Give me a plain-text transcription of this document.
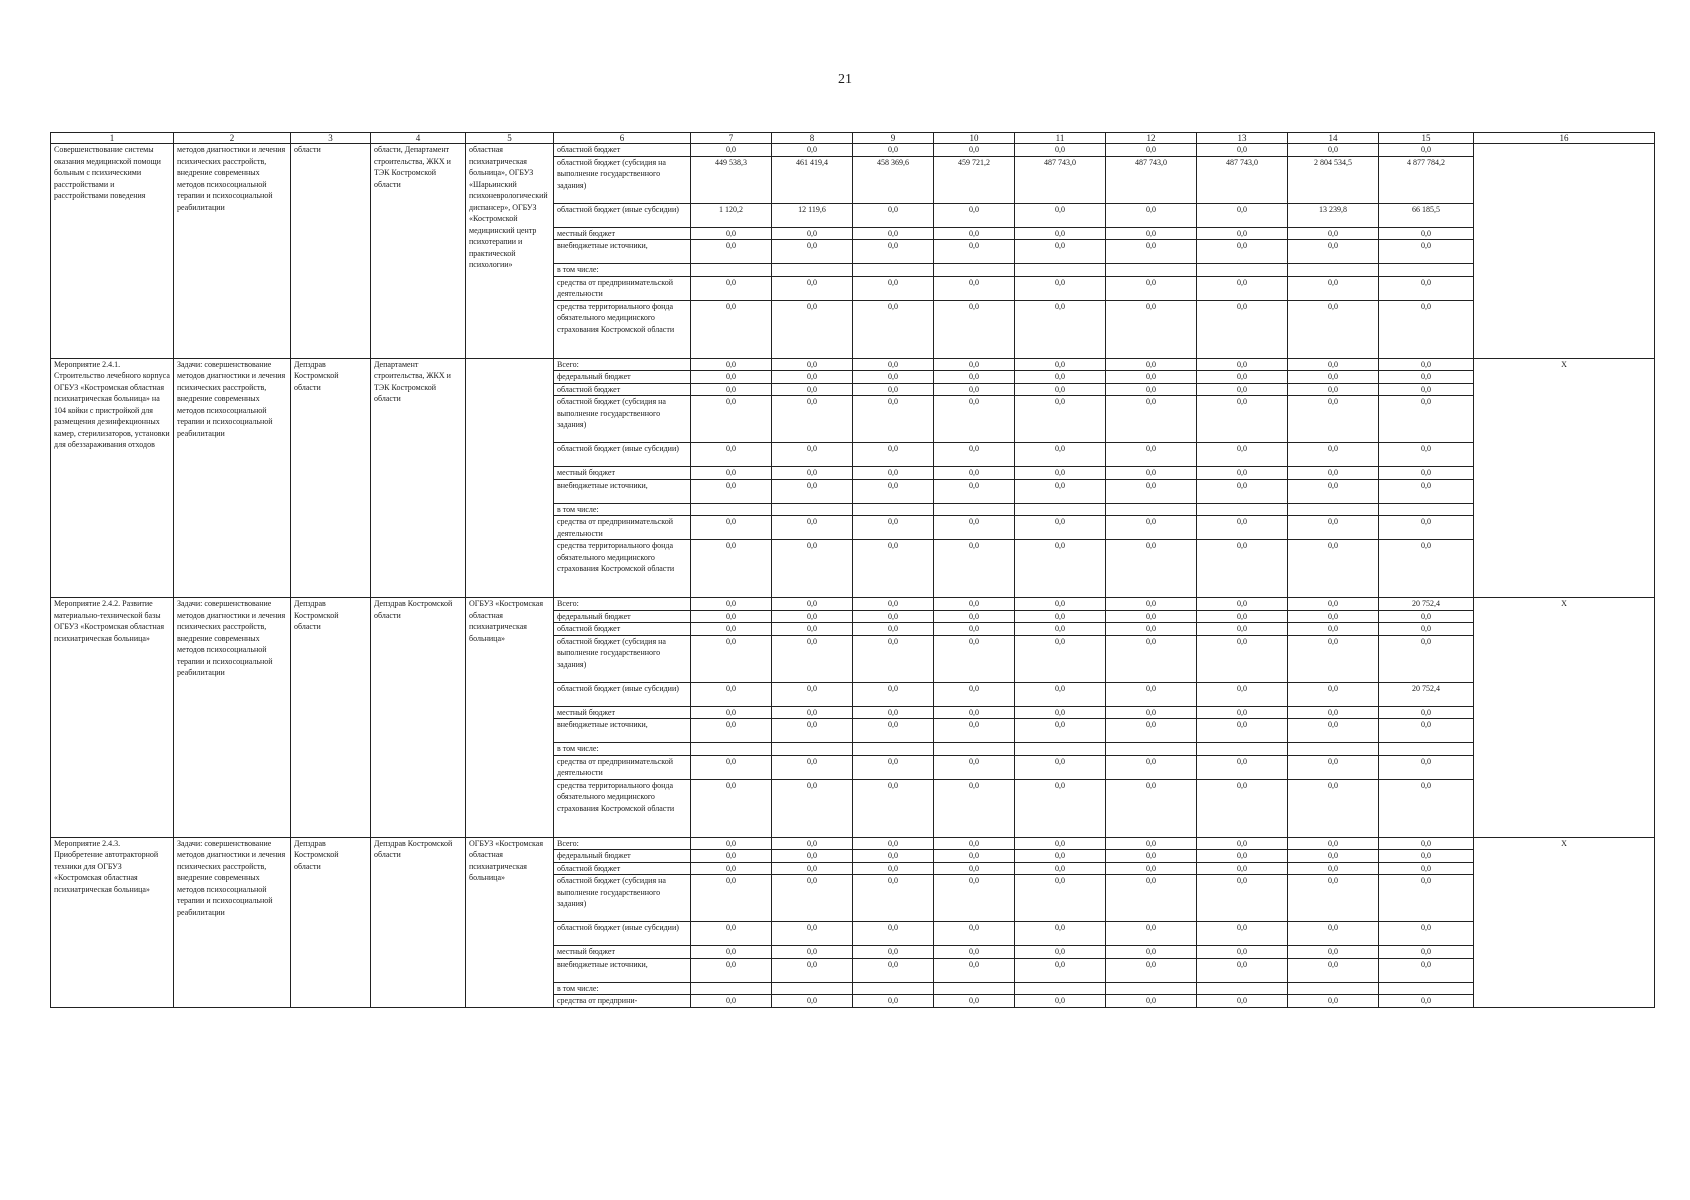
21
1	2	3	4	5	6	7	8	9	10	11	12	13	14	15	16
Совершенствование системы оказания медицинской помощи больным с психическими расстройствами и расстройствами поведения	методов диагностики и лечения психических расстройств, внедрение современных методов психосоциальной терапии и психосоциальной реабилитации	области	области, Департамент строительства, ЖКХ и ТЭК Костромской области	областная психиатрическая больница», ОГБУЗ «Шарьинский психоневрологический диспансер», ОГБУЗ «Костромской медицинский центр психотерапии и практической психологии»	областной бюджет	0,0	0,0	0,0	0,0	0,0	0,0	0,0	0,0	0,0	
					областной бюджет (субсидия на выполнение государственного задания)	449 538,3	461 419,4	458 369,6	459 721,2	487 743,0	487 743,0	487 743,0	2 804 534,5	4 877 784,2	
					областной бюджет (иные субсидии)	1 120,2	12 119,6	0,0	0,0	0,0	0,0	0,0	13 239,8	66 185,5	
					местный бюджет	0,0	0,0	0,0	0,0	0,0	0,0	0,0	0,0	0,0	
					внебюджетные источники,	0,0	0,0	0,0	0,0	0,0	0,0	0,0	0,0	0,0	
					в том числе:										
					средства от предпринимательской деятельности	0,0	0,0	0,0	0,0	0,0	0,0	0,0	0,0	0,0	
					средства территориального фонда обязательного медицинского страхования Костромской области	0,0	0,0	0,0	0,0	0,0	0,0	0,0	0,0	0,0	
Мероприятие 2.4.1. Строительство лечебного корпуса ОГБУЗ «Костромская областная психиатрическая больница» на 104 койки с пристройкой для размещения дезинфекционных камер, стерилизаторов, установки для обеззараживания отходов	Задачи: совершенствование методов диагностики и лечения психических расстройств, внедрение современных методов психосоциальной терапии и психосоциальной реабилитации	Депздрав Костромской области	Департамент строительства, ЖКХ и ТЭК Костромской области		Всего:	0,0	0,0	0,0	0,0	0,0	0,0	0,0	0,0	0,0	Х
					федеральный бюджет	0,0	0,0	0,0	0,0	0,0	0,0	0,0	0,0	0,0	
					областной бюджет	0,0	0,0	0,0	0,0	0,0	0,0	0,0	0,0	0,0	
					областной бюджет (субсидия на выполнение государственного задания)	0,0	0,0	0,0	0,0	0,0	0,0	0,0	0,0	0,0	
					областной бюджет (иные субсидии)	0,0	0,0	0,0	0,0	0,0	0,0	0,0	0,0	0,0	
					местный бюджет	0,0	0,0	0,0	0,0	0,0	0,0	0,0	0,0	0,0	
					внебюджетные источники,	0,0	0,0	0,0	0,0	0,0	0,0	0,0	0,0	0,0	
					в том числе:										
					средства от предпринимательской деятельности	0,0	0,0	0,0	0,0	0,0	0,0	0,0	0,0	0,0	
					средства территориального фонда обязательного медицинского страхования Костромской области	0,0	0,0	0,0	0,0	0,0	0,0	0,0	0,0	0,0	
Мероприятие 2.4.2. Развитие материально-технической базы ОГБУЗ «Костромская областная психиатрическая больница»	Задачи: совершенствование методов диагностики и лечения психических расстройств, внедрение современных методов психосоциальной терапии и психосоциальной реабилитации	Депздрав Костромской области	Депздрав Костромской области	ОГБУЗ «Костромская областная психиатрическая больница»	Всего:	0,0	0,0	0,0	0,0	0,0	0,0	0,0	0,0	20 752,4	Х
					федеральный бюджет	0,0	0,0	0,0	0,0	0,0	0,0	0,0	0,0	0,0	
					областной бюджет	0,0	0,0	0,0	0,0	0,0	0,0	0,0	0,0	0,0	
					областной бюджет (субсидия на выполнение государственного задания)	0,0	0,0	0,0	0,0	0,0	0,0	0,0	0,0	0,0	
					областной бюджет (иные субсидии)	0,0	0,0	0,0	0,0	0,0	0,0	0,0	0,0	20 752,4	
					местный бюджет	0,0	0,0	0,0	0,0	0,0	0,0	0,0	0,0	0,0	
					внебюджетные источники,	0,0	0,0	0,0	0,0	0,0	0,0	0,0	0,0	0,0	
					в том числе:										
					средства от предпринимательской деятельности	0,0	0,0	0,0	0,0	0,0	0,0	0,0	0,0	0,0	
					средства территориального фонда обязательного медицинского страхования Костромской области	0,0	0,0	0,0	0,0	0,0	0,0	0,0	0,0	0,0	
Мероприятие 2.4.3. Приобретение автотракторной техники для ОГБУЗ «Костромская областная психиатрическая больница»	Задачи: совершенствование методов диагностики и лечения психических расстройств, внедрение современных методов психосоциальной терапии и психосоциальной реабилитации	Депздрав Костромской области	Депздрав Костромской области	ОГБУЗ «Костромская областная психиатрическая больница»	Всего:	0,0	0,0	0,0	0,0	0,0	0,0	0,0	0,0	0,0	Х
					федеральный бюджет	0,0	0,0	0,0	0,0	0,0	0,0	0,0	0,0	0,0	
					областной бюджет	0,0	0,0	0,0	0,0	0,0	0,0	0,0	0,0	0,0	
					областной бюджет (субсидия на выполнение государственного задания)	0,0	0,0	0,0	0,0	0,0	0,0	0,0	0,0	0,0	
					областной бюджет (иные субсидии)	0,0	0,0	0,0	0,0	0,0	0,0	0,0	0,0	0,0	
					местный бюджет	0,0	0,0	0,0	0,0	0,0	0,0	0,0	0,0	0,0	
					внебюджетные источники,	0,0	0,0	0,0	0,0	0,0	0,0	0,0	0,0	0,0	
					в том числе:										
					средства от предприни-	0,0	0,0	0,0	0,0	0,0	0,0	0,0	0,0	0,0	
